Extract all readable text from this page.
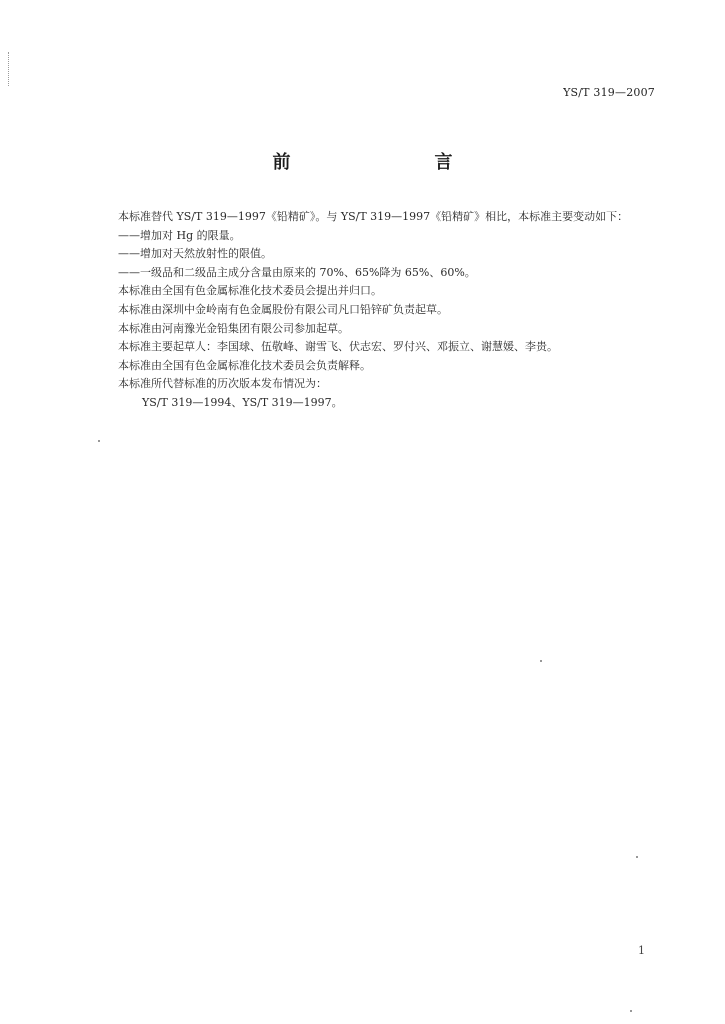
YS/T 319—2007
前　　言
本标准替代 YS/T 319—1997《铅精矿》。与 YS/T 319—1997《铅精矿》相比，本标准主要变动如下：
——增加对 Hg 的限量。
——增加对天然放射性的限值。
——一级品和二级品主成分含量由原来的 70%、65%降为 65%、60%。
本标准由全国有色金属标准化技术委员会提出并归口。
本标准由深圳中金岭南有色金属股份有限公司凡口铅锌矿负责起草。
本标准由河南豫光金铅集团有限公司参加起草。
本标准主要起草人：李国球、伍敬峰、谢雪飞、伏志宏、罗付兴、邓振立、谢慧媛、李贵。
本标准由全国有色金属标准化技术委员会负责解释。
本标准所代替标准的历次版本发布情况为：
YS/T 319—1994、YS/T 319—1997。
1
